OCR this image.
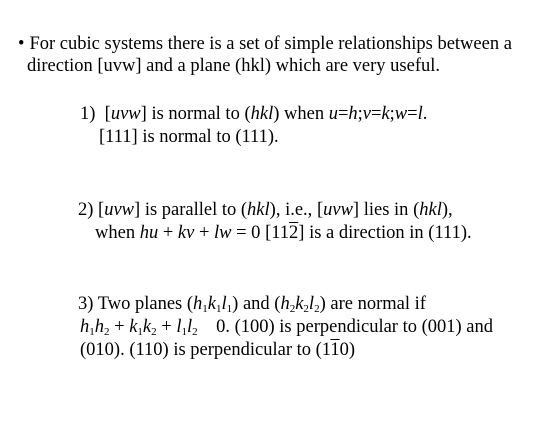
• For cubic systems there is a set of simple relationships between a
direction [uvw] and a plane (hkl) which are very useful.
1)  [uvw] is normal to (hkl) when u=h;v=k;w=l.
[111] is normal to (111).
2) [uvw] is parallel to (hkl), i.e., [uvw] lies in (hkl),
when hu + kv + lw = 0 [112] is a direction in (111).
3) Two planes $(h_1k_1l_1)$ and $(h_2k_2l_2)$ are normal if
$h_1h_2 + k_1k_2 + l_1l_2$ 0. (100) is perpendicular to (001) and
(010). (110) is perpendicular to (110)
